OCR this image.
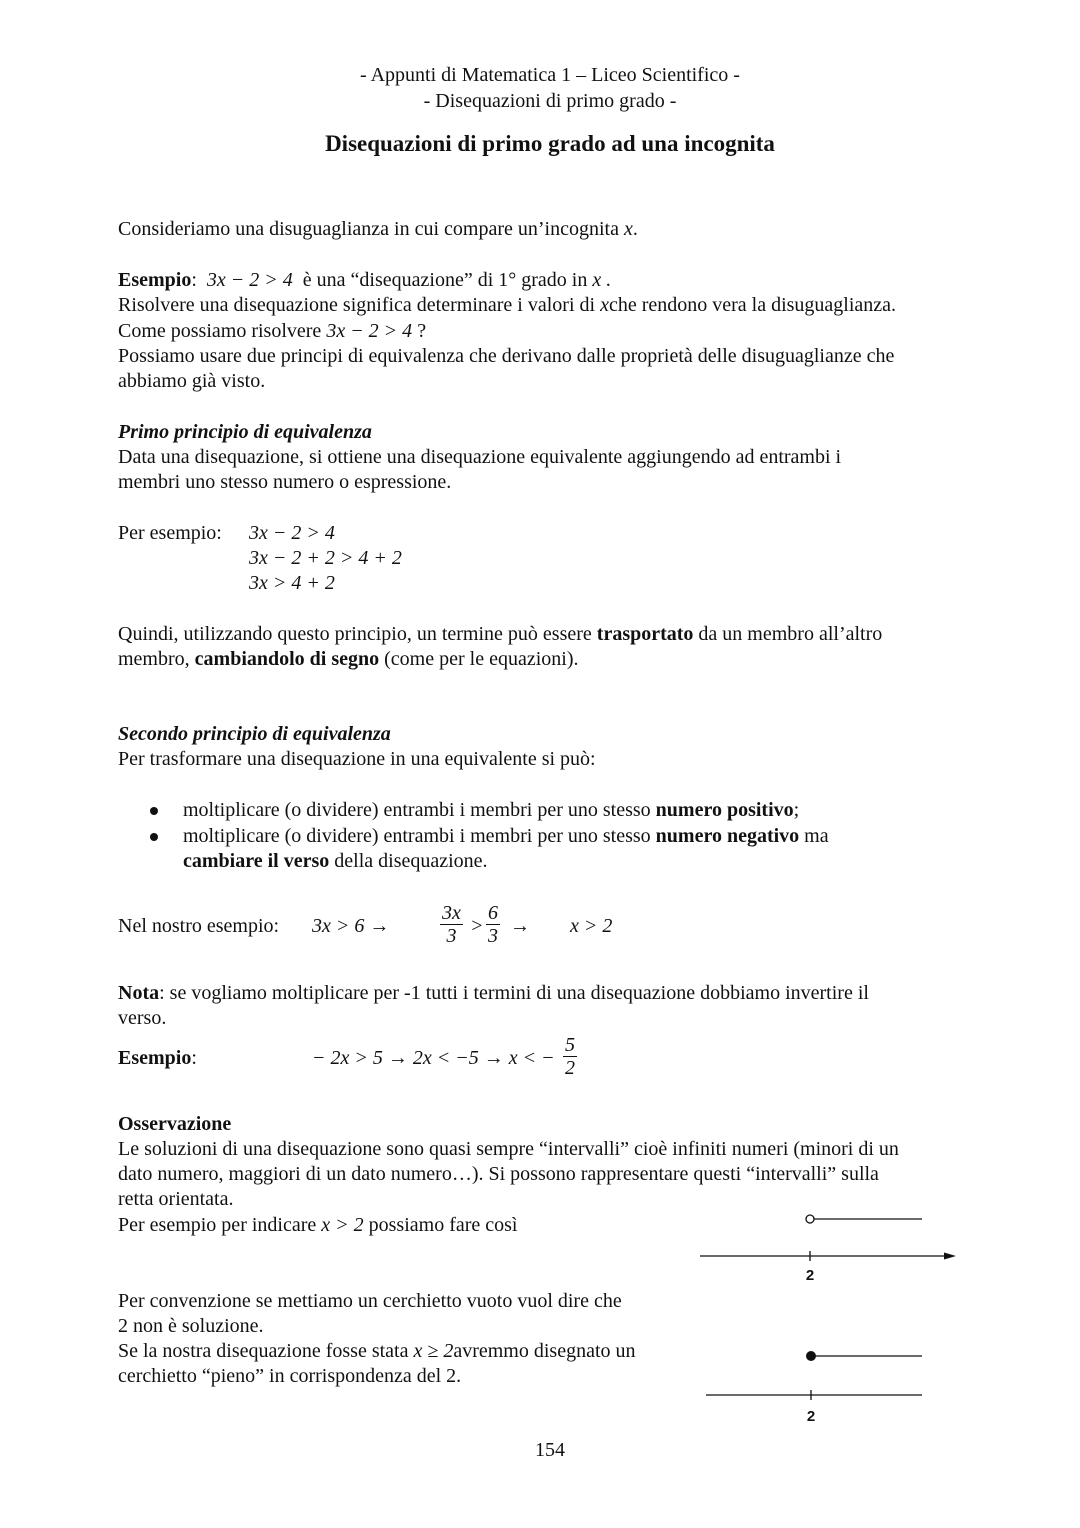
- Appunti di Matematica 1 – Liceo Scientifico -
- Disequazioni di primo grado -
Disequazioni di primo grado ad una incognita
Consideriamo una disuguaglianza in cui compare un’incognita x.
Esempio: 3x − 2 > 4 è una “disequazione” di 1° grado in x .
Risolvere una disequazione significa determinare i valori di xche rendono vera la disuguaglianza.
Come possiamo risolvere 3x − 2 > 4 ?
Possiamo usare due principi di equivalenza che derivano dalle proprietà delle disuguaglianze che
abbiamo già visto.
Primo principio di equivalenza
Data una disequazione, si ottiene una disequazione equivalente aggiungendo ad entrambi i
membri uno stesso numero o espressione.
Per esempio: 3x − 2 > 4
3x − 2 + 2 > 4 + 2
3x > 4 + 2
Quindi, utilizzando questo principio, un termine può essere trasportato da un membro all’altro
membro, cambiandolo di segno (come per le equazioni).
Secondo principio di equivalenza
Per trasformare una disequazione in una equivalente si può:
moltiplicare (o dividere) entrambi i membri per uno stesso numero positivo;
moltiplicare (o dividere) entrambi i membri per uno stesso numero negativo ma
cambiare il verso della disequazione.
Nel nostro esempio: 3x > 6 →	$\frac{3x}{3} > \frac{6}{3} \to x > 2$
Nota: se vogliamo moltiplicare per -1 tutti i termini di una disequazione dobbiamo invertire il
verso.
Esempio:	− 2x > 5 → 2x < −5 → x < − $\frac{5}{2}$
Osservazione
Le soluzioni di una disequazione sono quasi sempre “intervalli” cioè infiniti numeri (minori di un
dato numero, maggiori di un dato numero…). Si possono rappresentare questi “intervalli” sulla
retta orientata.
Per esempio per indicare x > 2 possiamo fare così
Per convenzione se mettiamo un cerchietto vuoto vuol dire che
2 non è soluzione.
Se la nostra disequazione fosse stata x ≥ 2avremmo disegnato un
cerchietto “pieno” in corrispondenza del 2.
2
2
154
